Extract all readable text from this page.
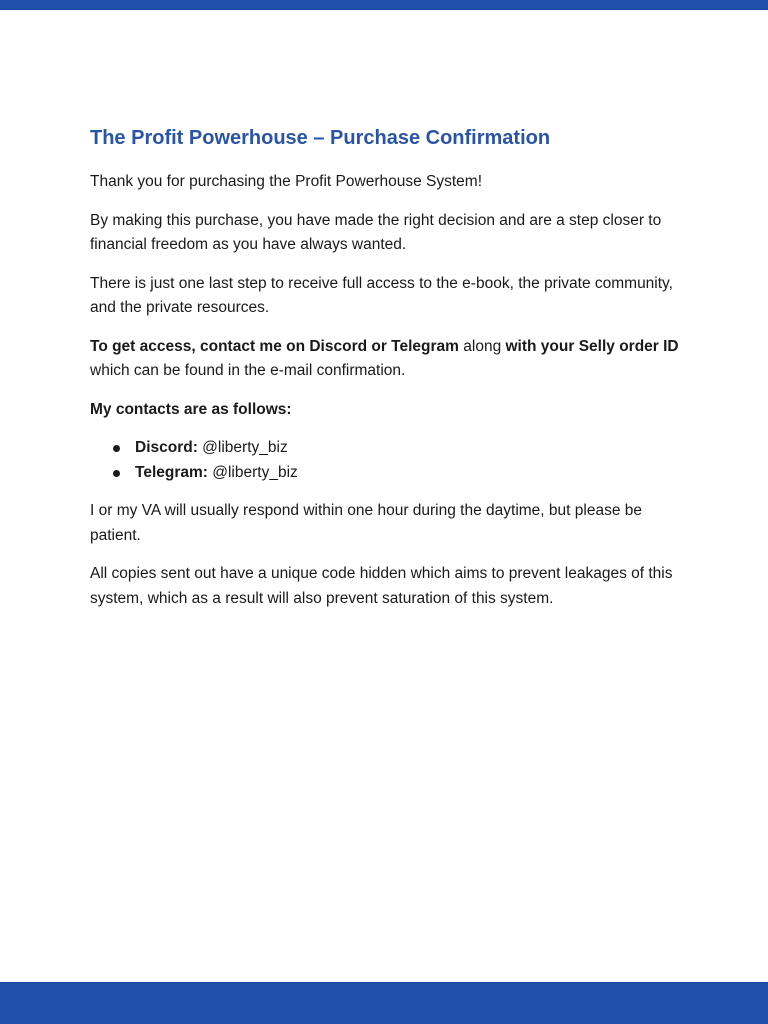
The Profit Powerhouse – Purchase Confirmation

Thank you for purchasing the Profit Powerhouse System!

By making this purchase, you have made the right decision and are a step closer to financial freedom as you have always wanted.

There is just one last step to receive full access to the e-book, the private community, and the private resources.

To get access, contact me on Discord or Telegram along with your Selly order ID which can be found in the e-mail confirmation.

My contacts are as follows:

Discord: @liberty_biz
Telegram: @liberty_biz

I or my VA will usually respond within one hour during the daytime, but please be patient.

All copies sent out have a unique code hidden which aims to prevent leakages of this system, which as a result will also prevent saturation of this system.
